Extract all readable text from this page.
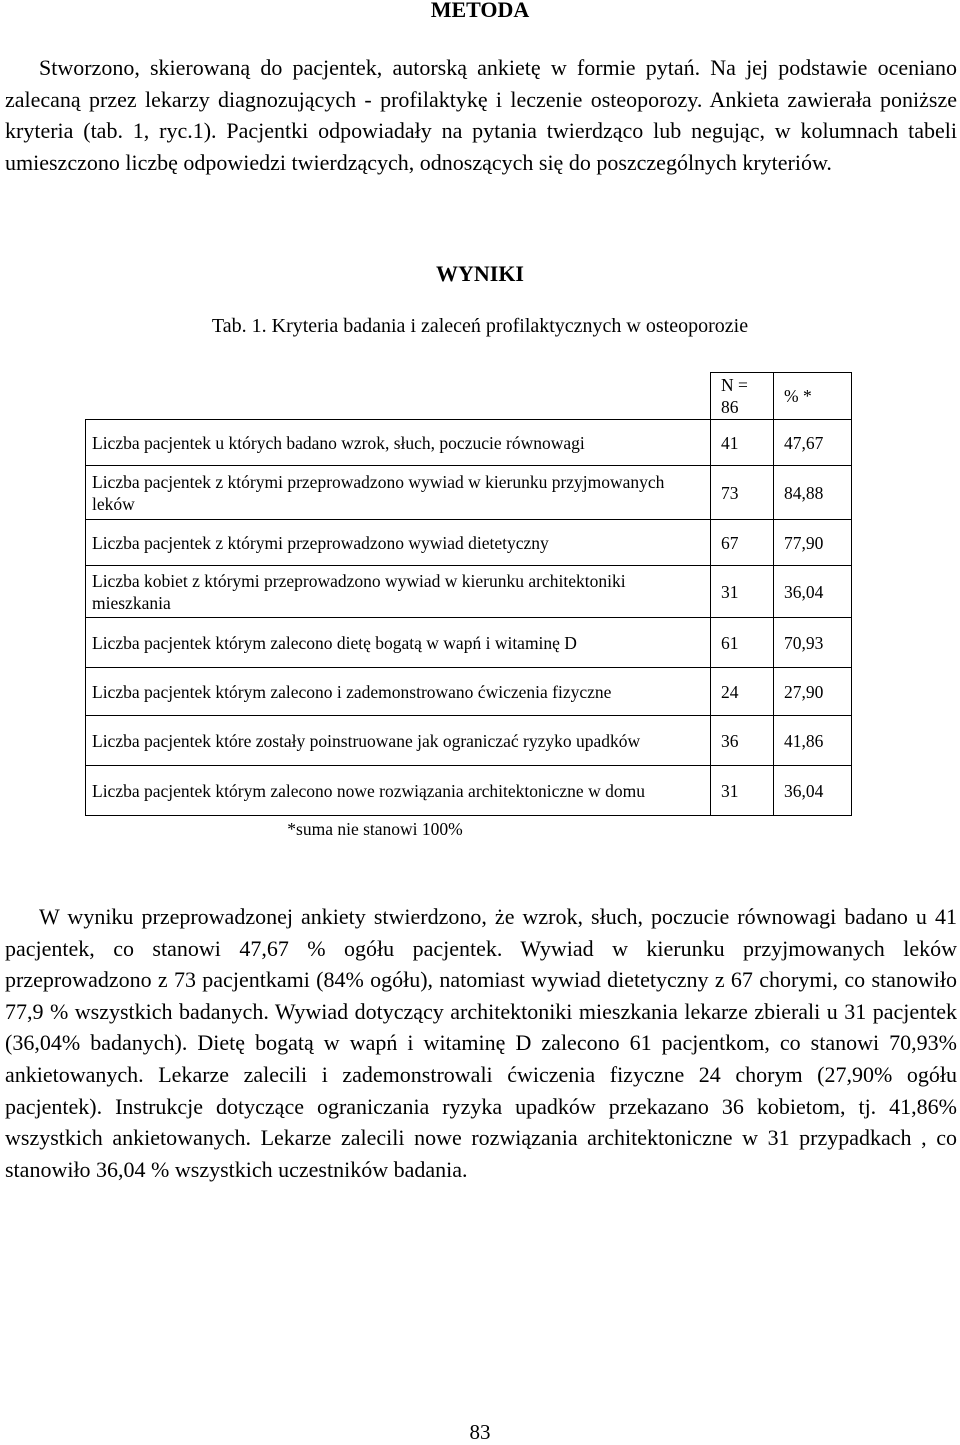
METODA

Stworzono, skierowaną do pacjentek, autorską ankietę w formie pytań. Na jej podstawie oceniano zalecaną przez lekarzy diagnozujących - profilaktykę i leczenie osteoporozy. Ankieta zawierała poniższe kryteria (tab. 1, ryc.1). Pacjentki odpowiadały na pytania twierdząco lub negując, w kolumnach tabeli umieszczono liczbę odpowiedzi twierdzących, odnoszących się do poszczególnych kryteriów.

WYNIKI
Tab. 1. Kryteria badania i zaleceń profilaktycznych w osteoporozie
	N = 86	% *
Liczba pacjentek u których badano wzrok, słuch, poczucie równowagi	41	47,67
Liczba pacjentek z którymi przeprowadzono wywiad w kierunku przyjmowanych leków	73	84,88
Liczba pacjentek z którymi przeprowadzono wywiad dietetyczny	67	77,90
Liczba kobiet z którymi przeprowadzono wywiad w kierunku architektoniki mieszkania	31	36,04
Liczba pacjentek którym zalecono dietę bogatą w wapń i witaminę D	61	70,93
Liczba pacjentek którym zalecono i zademonstrowano ćwiczenia fizyczne	24	27,90
Liczba pacjentek które zostały poinstruowane jak ograniczać ryzyko upadków	36	41,86
Liczba pacjentek którym zalecono nowe rozwiązania architektoniczne w domu	31	36,04
*suma nie stanowi 100%

W wyniku przeprowadzonej ankiety stwierdzono, że wzrok, słuch, poczucie równowagi badano u 41 pacjentek, co stanowi 47,67 % ogółu pacjentek. Wywiad w kierunku przyjmowanych leków przeprowadzono z 73 pacjentkami (84% ogółu), natomiast wywiad dietetyczny z 67 chorymi, co stanowiło 77,9 % wszystkich badanych. Wywiad dotyczący architektoniki mieszkania lekarze zbierali u 31 pacjentek (36,04% badanych). Dietę bogatą w wapń i witaminę D zalecono 61 pacjentkom, co stanowi 70,93% ankietowanych. Lekarze zalecili i zademonstrowali ćwiczenia fizyczne 24 chorym (27,90% ogółu pacjentek). Instrukcje dotyczące ograniczania ryzyka upadków przekazano 36 kobietom, tj. 41,86% wszystkich ankietowanych. Lekarze zalecili nowe rozwiązania architektoniczne w 31 przypadkach , co stanowiło 36,04 % wszystkich uczestników badania.

83
